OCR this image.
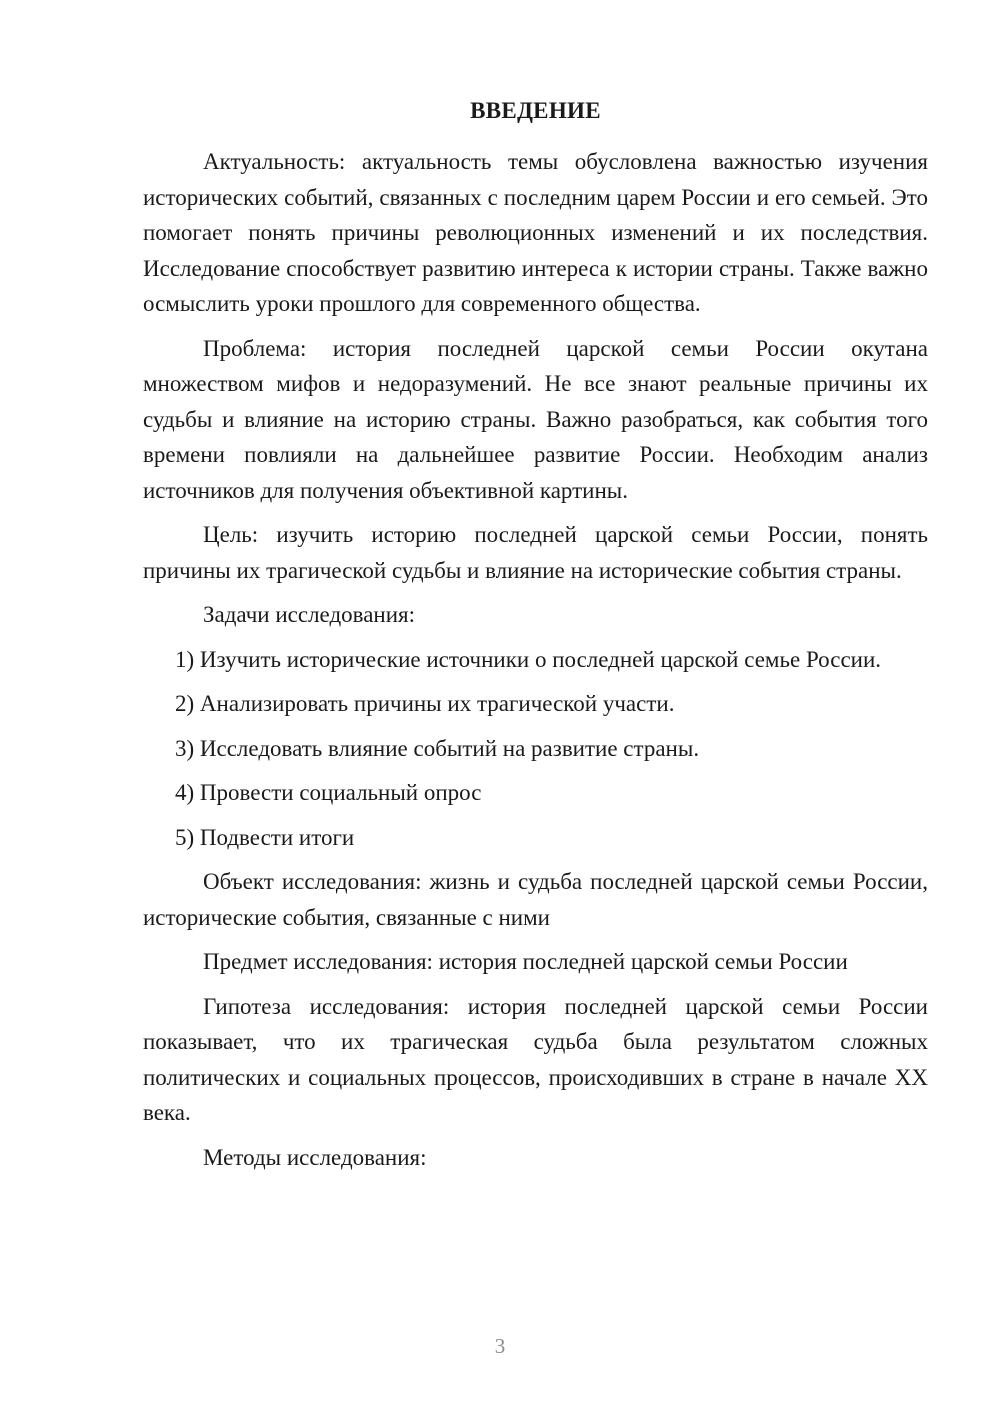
ВВЕДЕНИЕ

Актуальность: актуальность темы обусловлена важностью изучения исторических событий, связанных с последним царем России и его семьей. Это помогает понять причины революционных изменений и их последствия. Исследование способствует развитию интереса к истории страны. Также важно осмыслить уроки прошлого для современного общества.

Проблема: история последней царской семьи России окутана множеством мифов и недоразумений. Не все знают реальные причины их судьбы и влияние на историю страны. Важно разобраться, как события того времени повлияли на дальнейшее развитие России. Необходим анализ источников для получения объективной картины.

Цель: изучить историю последней царской семьи России, понять причины их трагической судьбы и влияние на исторические события страны.

Задачи исследования:

1) Изучить исторические источники о последней царской семье России.

2) Анализировать причины их трагической участи.

3) Исследовать влияние событий на развитие страны.

4) Провести социальный опрос

5) Подвести итоги

Объект исследования: жизнь и судьба последней царской семьи России, исторические события, связанные с ними

Предмет исследования: история последней царской семьи России

Гипотеза исследования: история последней царской семьи России показывает, что их трагическая судьба была результатом сложных политических и социальных процессов, происходивших в стране в начале XX века.

Методы исследования:

3
